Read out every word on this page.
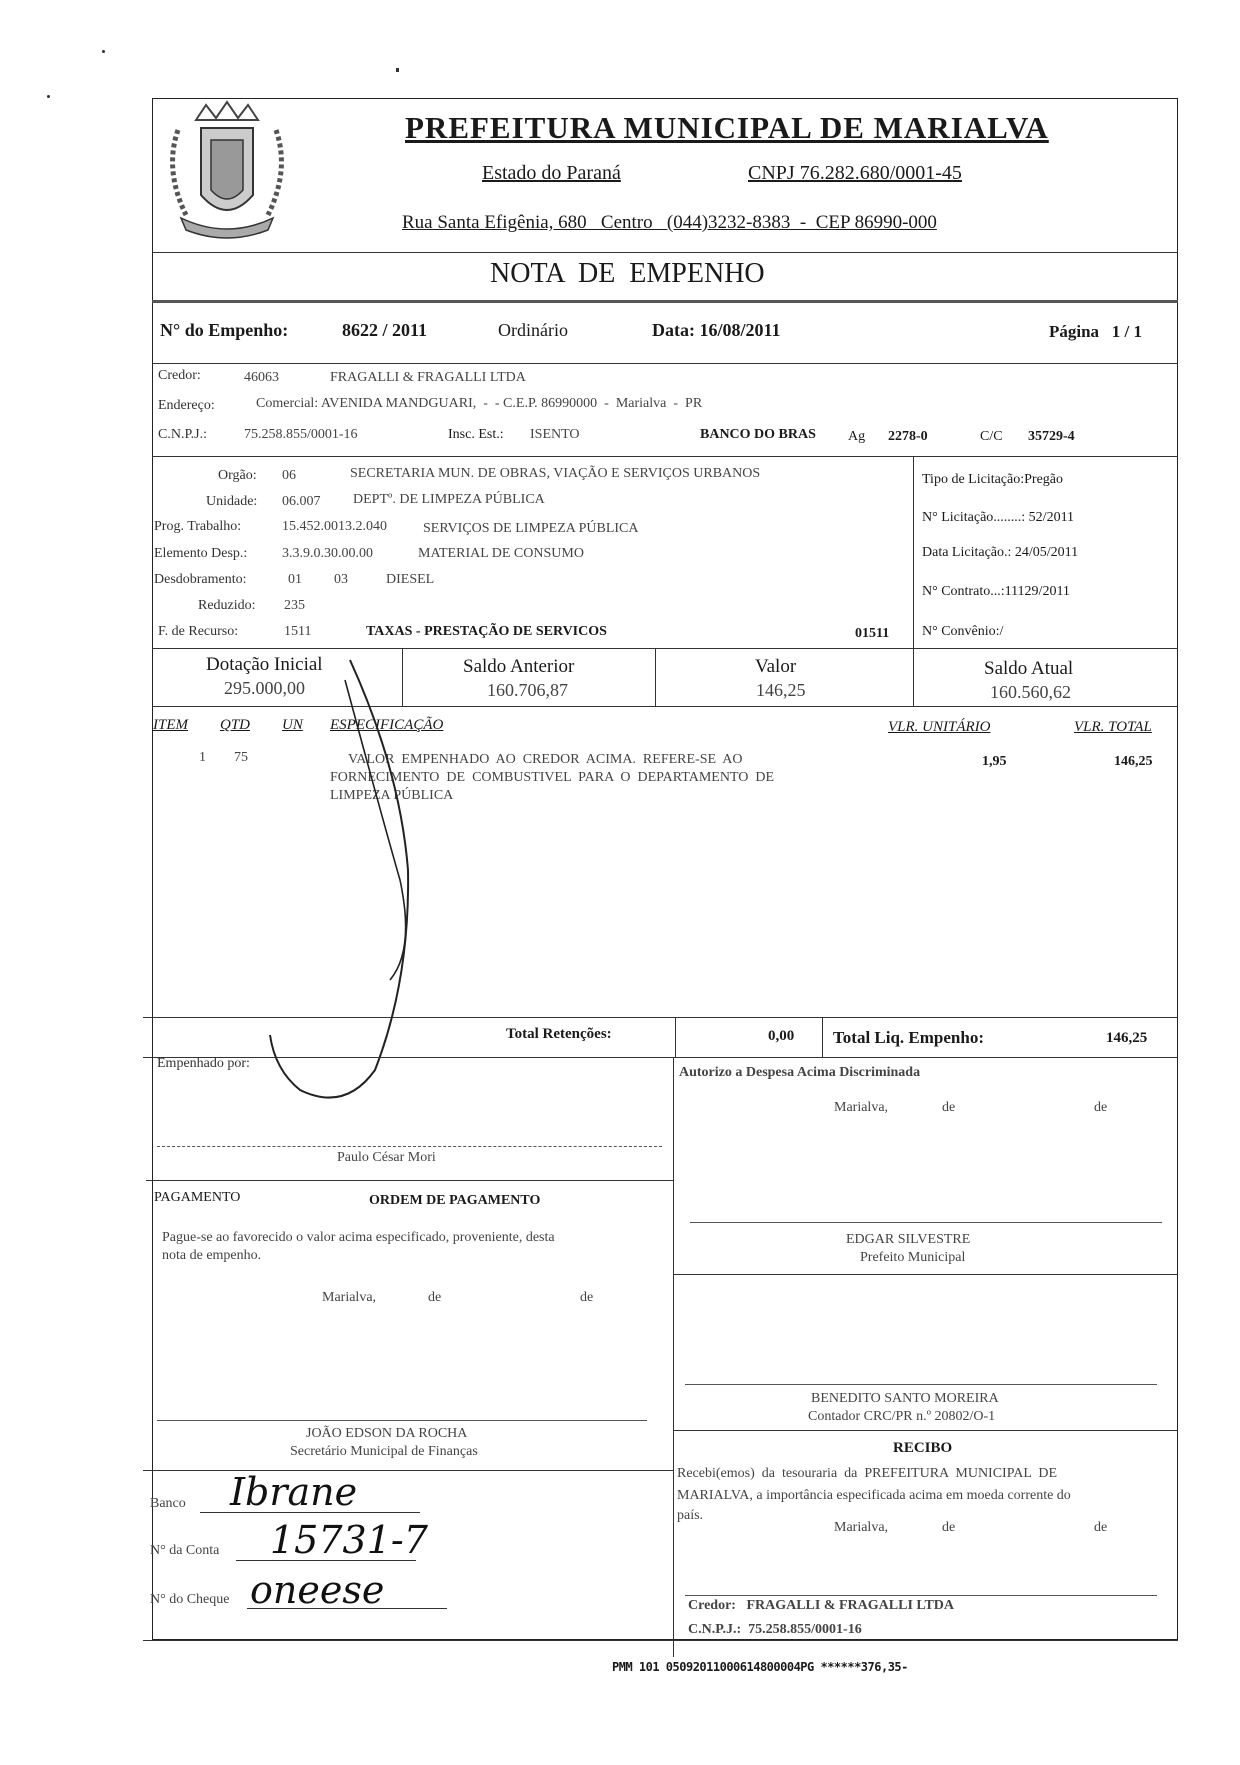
PREFEITURA MUNICIPAL DE MARIALVA
Estado do Paraná	CNPJ 76.282.680/0001-45
Rua Santa Efigênia, 680   Centro   (044)3232-8383  -  CEP 86990-000
NOTA  DE  EMPENHO
N° do Empenho:	8622 / 2011	Ordinário	Data: 16/08/2011	Página   1 / 1
Credor:	46063	FRAGALLI & FRAGALLI LTDA
Endereço:	Comercial: AVENIDA MANDGUARI,  -  - C.E.P. 86990000  -  Marialva  -  PR
C.N.P.J.:	75.258.855/0001-16	Insc. Est.: ISENTO	BANCO DO BRAS Ag 2278-0	C/C 35729-4
Orgão: 06	SECRETARIA MUN. DE OBRAS, VIAÇÃO E SERVIÇOS URBANOS
Unidade: 06.007 DEPTº. DE LIMPEZA PÚBLICA
Prog. Trabalho:	15.452.0013.2.040	SERVIÇOS DE LIMPEZA PÚBLICA
Elemento Desp.: 3.3.9.0.30.00.00	MATERIAL DE CONSUMO
Desdobramento:	01 03	DIESEL
Reduzido: 235
F. de Recurso:	1511	TAXAS - PRESTAÇÃO DE SERVICOS	01511
Tipo de Licitação:Pregão
N° Licitação........: 52/2011
Data Licitação.: 24/05/2011
N° Contrato...:11129/2011
N° Convênio:/
Dotação Inicial
295.000,00
Saldo Anterior
160.706,87
Valor
146,25
Saldo Atual
160.560,62
ITEM QTD UN ESPECIFICAÇÃO	VLR. UNITÁRIO	VLR. TOTAL
1 75	VALOR  EMPENHADO  AO  CREDOR  ACIMA.  REFERE-SE  AO
FORNECIMENTO  DE  COMBUSTIVEL  PARA  O  DEPARTAMENTO  DE
LIMPEZA PÚBLICA
1,95	146,25
Total Retenções:	0,00 Total Liq. Empenho:	146,25
Empenhado por:
Paulo César Mori
Autorizo a Despesa Acima Discriminada
Marialva,	de	de
PAGAMENTO	ORDEM DE PAGAMENTO
Pague-se ao favorecido o valor acima especificado, proveniente, desta
nota de empenho.
Marialva,	de	de
JOÃO EDSON DA ROCHA
Secretário Municipal de Finanças
EDGAR SILVESTRE
Prefeito Municipal
BENEDITO SANTO MOREIRA
Contador CRC/PR n.º 20802/O-1
RECIBO
Recebi(emos)  da  tesouraria  da  PREFEITURA  MUNICIPAL  DE
MARIALVA, a importância especificada acima em moeda corrente do
país.
Marialva,	de	de
Credor:   FRAGALLI & FRAGALLI LTDA
C.N.P.J.:  75.258.855/0001-16
Banco Ibrane
N° da Conta 15731-7
N° do Cheque oneese
PMM 101 05092011000614800004PG ******376,35-
